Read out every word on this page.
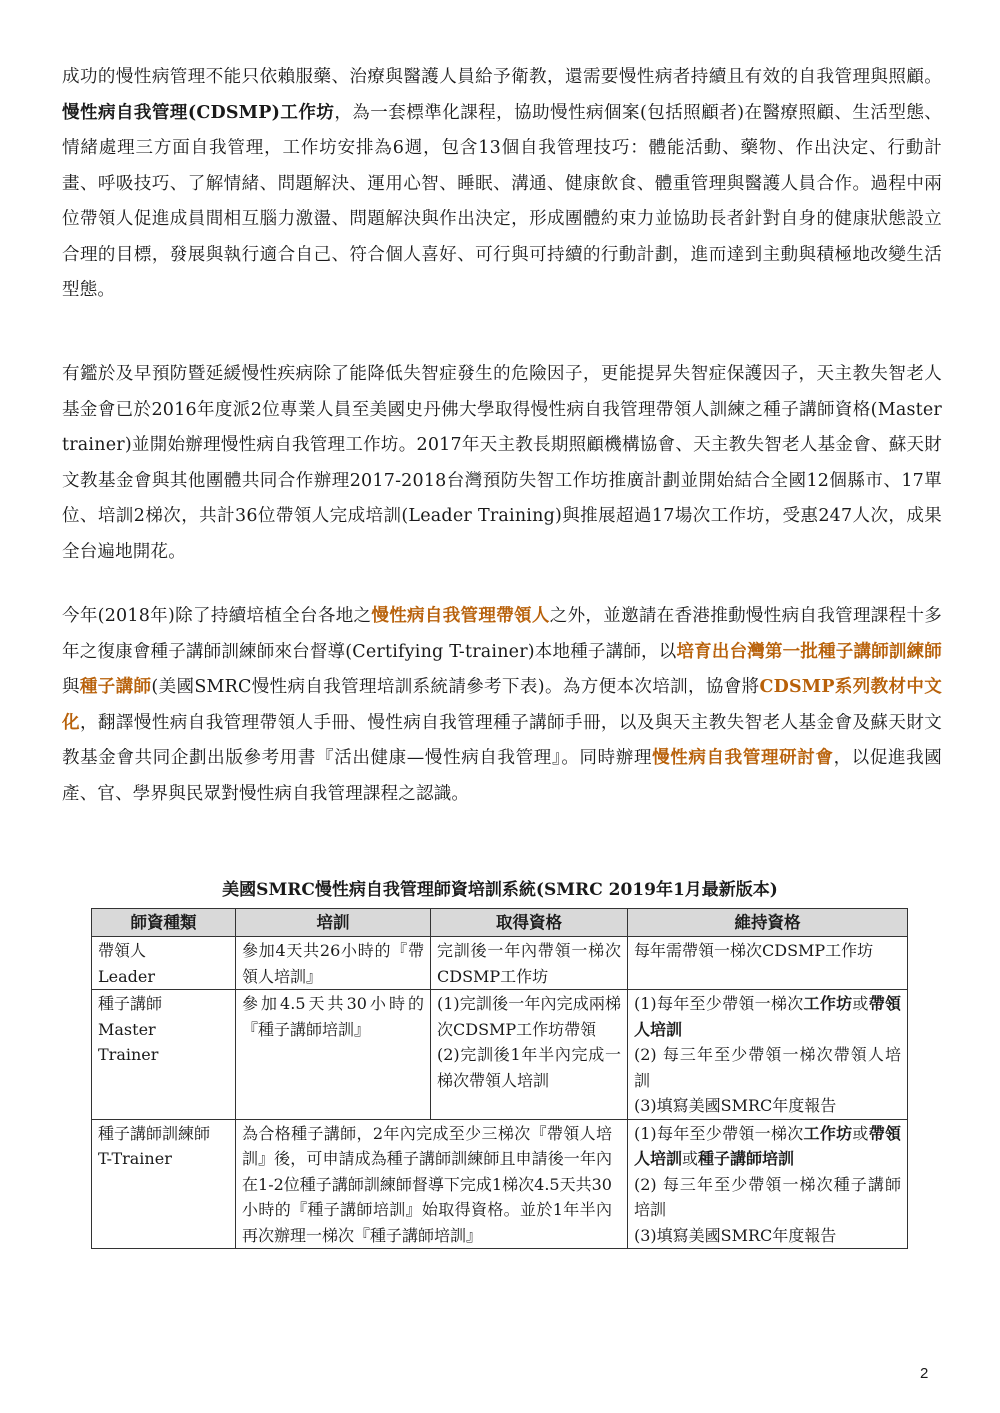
成功的慢性病管理不能只依賴服藥、治療與醫護人員給予衛教，還需要慢性病者持續且有效的自我管理與照顧。慢性病自我管理(CDSMP)工作坊，為一套標準化課程，協助慢性病個案(包括照顧者)在醫療照顧、生活型態、情緒處理三方面自我管理，工作坊安排為6週，包含13個自我管理技巧：體能活動、藥物、作出決定、行動計畫、呼吸技巧、了解情緒、問題解決、運用心智、睡眠、溝通、健康飲食、體重管理與醫護人員合作。過程中兩位帶領人促進成員間相互腦力激盪、問題解決與作出決定，形成團體約束力並協助長者針對自身的健康狀態設立合理的目標，發展與執行適合自己、符合個人喜好、可行與可持續的行動計劃，進而達到主動與積極地改變生活型態。

有鑑於及早預防暨延緩慢性疾病除了能降低失智症發生的危險因子，更能提昇失智症保護因子，天主教失智老人基金會已於2016年度派2位專業人員至美國史丹佛大學取得慢性病自我管理帶領人訓練之種子講師資格(Master trainer)並開始辦理慢性病自我管理工作坊。2017年天主教長期照顧機構協會、天主教失智老人基金會、蘇天財文教基金會與其他團體共同合作辦理2017-2018台灣預防失智工作坊推廣計劃並開始結合全國12個縣市、17單位、培訓2梯次，共計36位帶領人完成培訓(Leader Training)與推展超過17場次工作坊，受惠247人次，成果全台遍地開花。

今年(2018年)除了持續培植全台各地之慢性病自我管理帶領人之外，並邀請在香港推動慢性病自我管理課程十多年之復康會種子講師訓練師來台督導(Certifying T-trainer)本地種子講師，以培育出台灣第一批種子講師訓練師與種子講師(美國SMRC慢性病自我管理培訓系統請參考下表)。為方便本次培訓，協會將CDSMP系列教材中文化，翻譯慢性病自我管理帶領人手冊、慢性病自我管理種子講師手冊，以及與天主教失智老人基金會及蘇天財文教基金會共同企劃出版參考用書『活出健康—慢性病自我管理』。同時辦理慢性病自我管理研討會，以促進我國產、官、學界與民眾對慢性病自我管理課程之認識。

美國SMRC慢性病自我管理師資培訓系統(SMRC 2019年1月最新版本)
師資種類	培訓	取得資格	維持資格

帶領人
Leader	參加4天共26小時的『帶領人培訓』	完訓後一年內帶領一梯次CDSMP工作坊	每年需帶領一梯次CDSMP工作坊

種子講師
Master
Trainer	參加4.5天共30小時的『種子講師培訓』	(1)完訓後一年內完成兩梯次CDSMP工作坊帶領
(2)完訓後1年半內完成一梯次帶領人培訓	(1)每年至少帶領一梯次工作坊或帶領人培訓
(2) 每三年至少帶領一梯次帶領人培訓
(3)填寫美國SMRC年度報告

種子講師訓練師
T-Trainer	為合格種子講師，2年內完成至少三梯次『帶領人培訓』後，可申請成為種子講師訓練師且申請後一年內在1-2位種子講師訓練師督導下完成1梯次4.5天共30小時的『種子講師培訓』始取得資格。並於1年半內再次辦理一梯次『種子講師培訓』		(1)每年至少帶領一梯次工作坊或帶領人培訓或種子講師培訓
(2) 每三年至少帶領一梯次種子講師培訓
(3)填寫美國SMRC年度報告
2
